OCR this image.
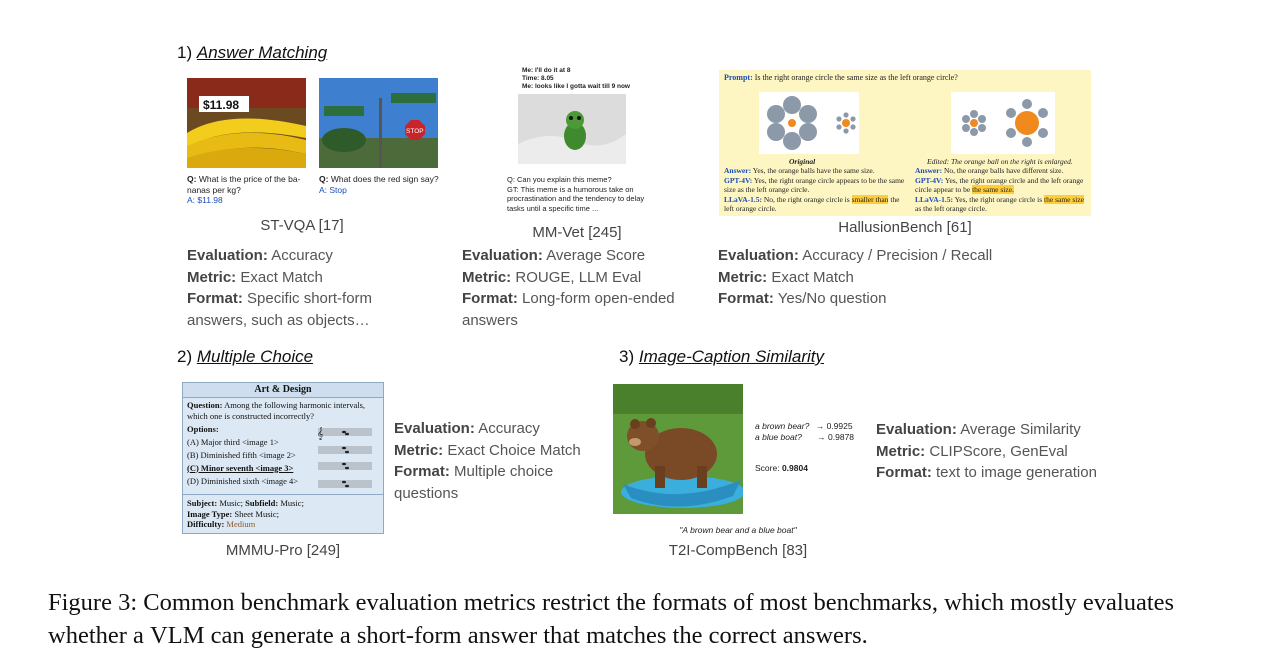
1) Answer Matching
$11.98
STOP
Q: What is the price of the ba-nanas per kg?
A: $11.98
Q: What does the red sign say?
A: Stop
ST-VQA [17]
Evaluation: Accuracy
Metric: Exact Match
Format: Specific short-form answers, such as objects…
Me: I'll do it at 8
Time: 8.05
Me: looks like I gotta wait till 9 now
Q: Can you explain this meme?
GT: This meme is a humorous take on procrastination and the tendency to delay tasks until a specific time ...
MM-Vet [245]
Evaluation: Average Score
Metric: ROUGE, LLM Eval
Format: Long-form open-ended answers
Prompt: Is the right orange circle the same size as the left orange circle?
Original	Edited: The orange ball on the right is enlarged.
Answer: Yes, the orange balls have the same size.
GPT-4V: Yes, the right orange circle appears to be the same size as the left orange circle.
LLaVA-1.5: No, the right orange circle is smaller than the left orange circle.
Answer: No, the orange balls have different size.
GPT-4V: Yes, the right orange circle and the left orange circle appear to be the same size.
LLaVA-1.5: Yes, the right orange circle is the same size as the left orange circle.
HallusionBench [61]
Evaluation: Accuracy / Precision / Recall
Metric: Exact Match
Format: Yes/No question
2) Multiple Choice
Art & Design
Question: Among the following harmonic intervals, which one is constructed incorrectly?
Options:
(A) Major third <image 1>
(B) Diminished fifth <image 2>
(C) Minor seventh <image 3>
(D) Diminished sixth <image 4>
𝄞
Subject: Music; Subfield: Music;
Image Type: Sheet Music;
Difficulty: Medium
MMMU-Pro [249]
Evaluation: Accuracy
Metric: Exact Choice Match
Format: Multiple choice questions
3) Image-Caption Similarity
a brown bear? → 0.9925
a blue boat? → 0.9878
Score: 0.9804
"A brown bear and a blue boat"
T2I-CompBench [83]
Evaluation: Average Similarity
Metric: CLIPScore, GenEval
Format: text to image generation
Figure 3: Common benchmark evaluation metrics restrict the formats of most benchmarks, which mostly evaluates whether a VLM can generate a short-form answer that matches the correct answers.
